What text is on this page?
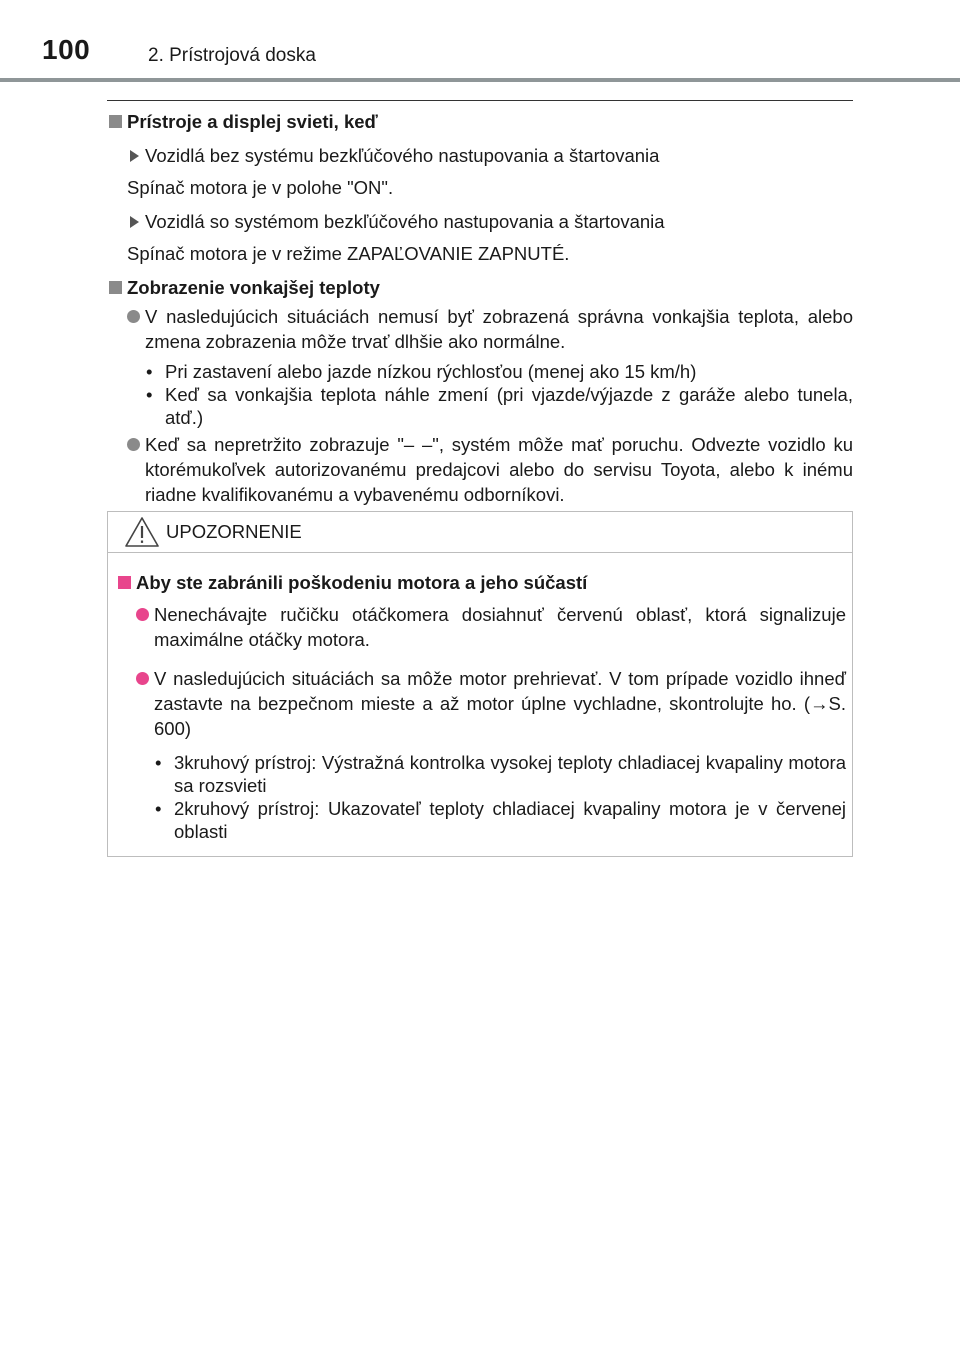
100	2. Prístrojová doska
Prístroje a displej svieti, keď
Vozidlá bez systému bezkľúčového nastupovania a štartovania
Spínač motora je v polohe "ON".
Vozidlá so systémom bezkľúčového nastupovania a štartovania
Spínač motora je v režime ZAPAĽOVANIE ZAPNUTÉ.
Zobrazenie vonkajšej teploty
V nasledujúcich situáciách nemusí byť zobrazená správna vonkajšia teplota, alebo zmena zobrazenia môže trvať dlhšie ako normálne.
• Pri zastavení alebo jazde nízkou rýchlosťou (menej ako 15 km/h)
• Keď sa vonkajšia teplota náhle zmení (pri vjazde/výjazde z garáže alebo tunela, atď.)
Keď sa nepretržito zobrazuje "– –", systém môže mať poruchu. Odvezte vozidlo ku ktorémukoľvek autorizovanému predajcovi alebo do servisu Toyota, alebo k inému riadne kvalifikovanému a vybavenému odborníkovi.
UPOZORNENIE
Aby ste zabránili poškodeniu motora a jeho súčastí
Nenechávajte ručičku otáčkomera dosiahnuť červenú oblasť, ktorá signalizuje maximálne otáčky motora.
V nasledujúcich situáciách sa môže motor prehrievať. V tom prípade vozidlo ihneď zastavte na bezpečnom mieste a až motor úplne vychladne, skontrolujte ho. (→S. 600)
• 3kruhový prístroj: Výstražná kontrolka vysokej teploty chladiacej kvapaliny motora sa rozsvieti
• 2kruhový prístroj: Ukazovateľ teploty chladiacej kvapaliny motora je v červenej oblasti
